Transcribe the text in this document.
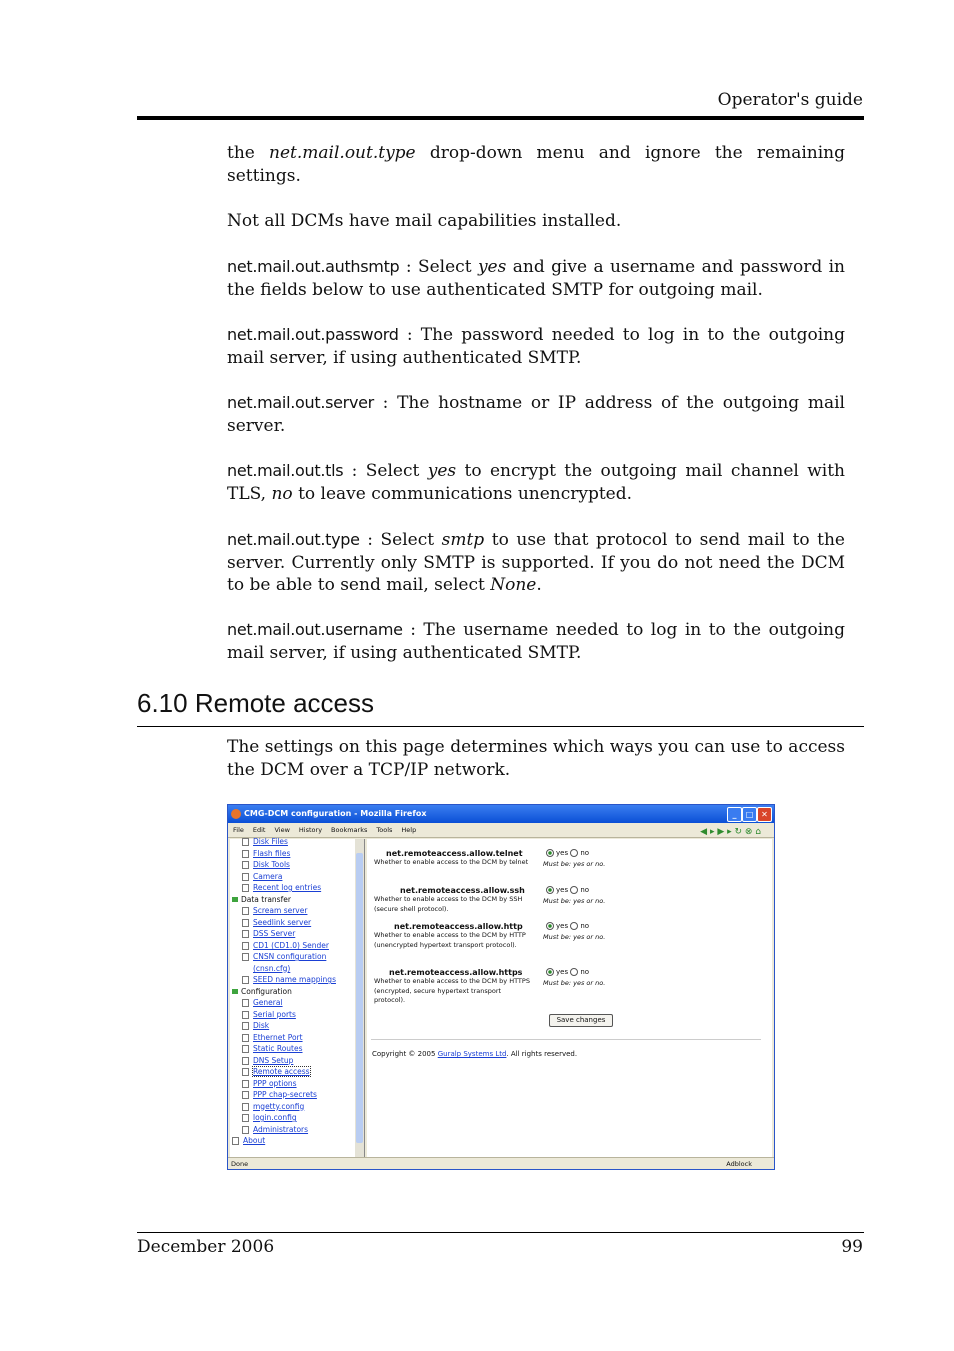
Operator's guide

the net.mail.out.type drop-down menu and ignore the remaining settings.

Not all DCMs have mail capabilities installed.

net.mail.out.authsmtp : Select yes and give a username and password in the fields below to use authenticated SMTP for outgoing mail.

net.mail.out.password : The password needed to log in to the outgoing mail server, if using authenticated SMTP.

net.mail.out.server : The hostname or IP address of the outgoing mail server.

net.mail.out.tls : Select yes to encrypt the outgoing mail channel with TLS, no to leave communications unencrypted.

net.mail.out.type : Select smtp to use that protocol to send mail to the server. Currently only SMTP is supported. If you do not need the DCM to be able to send mail, select None.

net.mail.out.username : The username needed to log in to the outgoing mail server, if using authenticated SMTP.

The settings on this page determines which ways you can use to access the DCM over a TCP/IP network.

6.10 Remote access
CMG-DCM configuration - Mozilla Firefox	_	□ ✕
File Edit View History Bookmarks Tools Help	◀ ▸ ▶ ▸ ↻ ⊗ ⌂
Disk Files
Flash files
Disk Tools
Camera
Recent log entries
Data transfer
Scream server
Seedlink server
DSS Server
CD1 (CD1.0) Sender
CNSN configuration
(cnsn.cfg)
SEED name mappings
Configuration
General
Serial ports
Disk
Ethernet Port
Static Routes
DNS Setup
Remote access
PPP options
PPP chap-secrets
mgetty.config
login.config
Administrators
About
Save changes
Copyright © 2005 Guralp Systems Ltd. All rights reserved.
net.remoteaccess.allow.telnet
Whether to enable access to the DCM by telnet
yes no
Must be: yes or no.
net.remoteaccess.allow.ssh
Whether to enable access to the DCM by SSH (secure shell protocol).
yes no
Must be: yes or no.
net.remoteaccess.allow.http
Whether to enable access to the DCM by HTTP (unencrypted hypertext transport protocol).
yes no
Must be: yes or no.
net.remoteaccess.allow.https
Whether to enable access to the DCM by HTTPS (encrypted, secure hypertext transport protocol).
yes no
Must be: yes or no.
Done	Adblock
December 2006	99
